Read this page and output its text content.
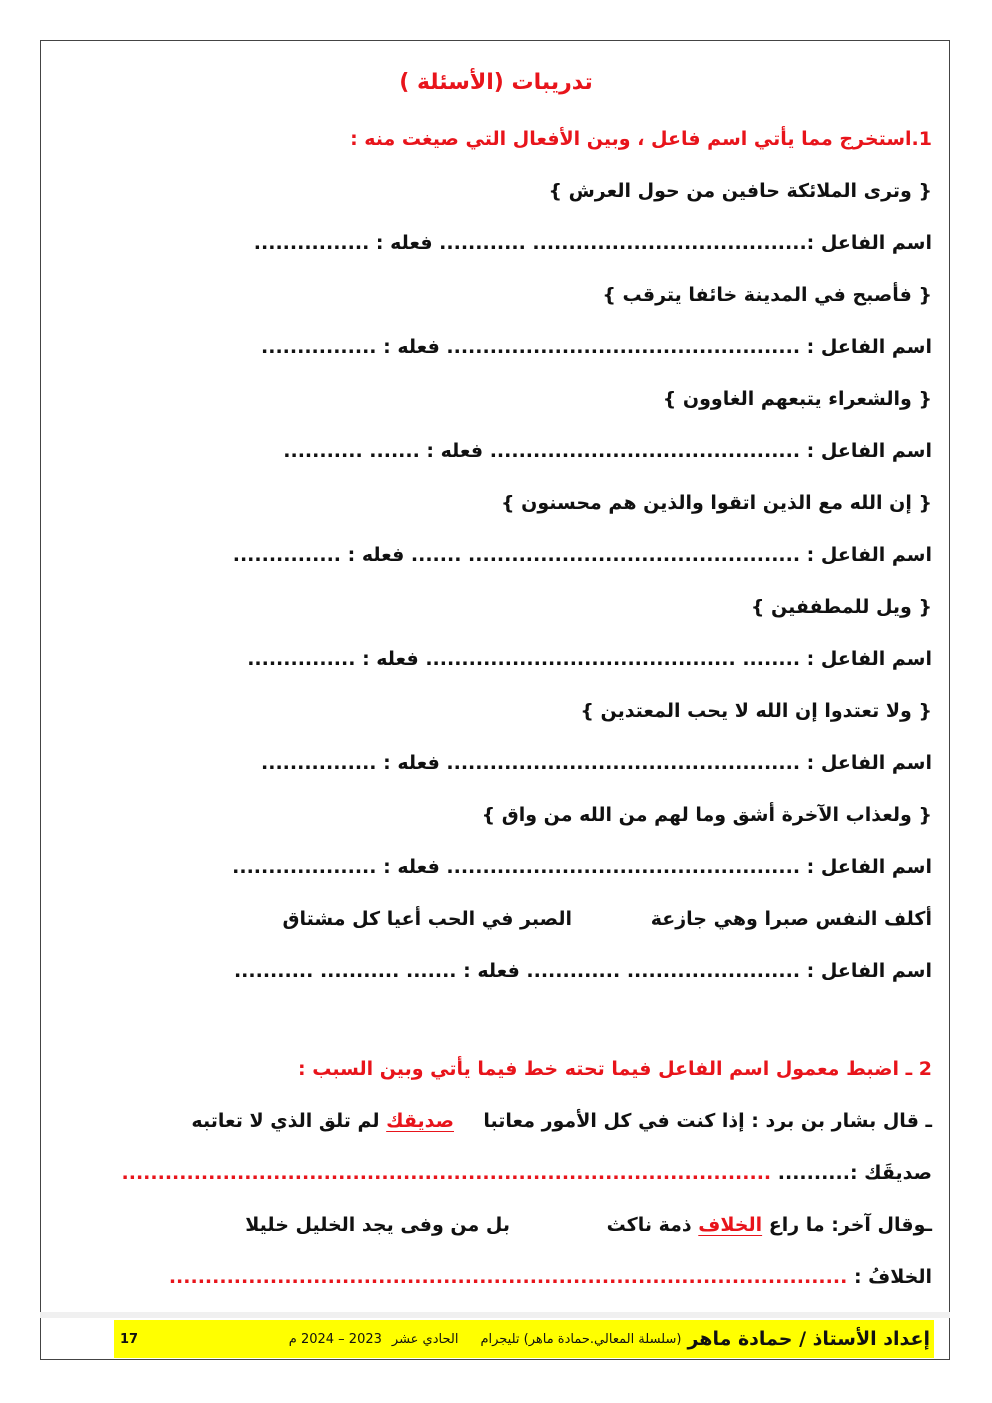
تدريبات (الأسئلة )
1.استخرج مما يأتي اسم فاعل ، وبين الأفعال التي صيغت منه :
{ وترى الملائكة حافين من حول العرش }
اسم الفاعل :...................................... ............ فعله : ................
{ فأصبح في المدينة خائفا يترقب }
اسم الفاعل : ................................................. فعله : ................
{ والشعراء يتبعهم الغاوون }
اسم الفاعل : ........................................... فعله : ....... ...........
{ إن الله مع الذين اتقوا والذين هم محسنون }
اسم الفاعل : .............................................. ....... فعله : ...............
{ ويل للمطففين }
اسم الفاعل : ........ ........................................... فعله : ...............
{ ولا تعتدوا إن الله لا يحب المعتدين }
اسم الفاعل : ................................................. فعله : ................
{ ولعذاب الآخرة أشق وما لهم من الله من واق }
اسم الفاعل : ................................................. فعله : ....................
أكلف النفس صبرا وهي جازعة
الصبر في الحب أعيا كل مشتاق
اسم الفاعل : ........................ ............. فعله : ....... ........... ...........
2 ـ اضبط معمول اسم الفاعل فيما تحته خط فيما يأتي وبين السبب :
ـ قال بشار بن برد : إذا كنت في كل الأمور معاتبا
صديقك لم تلق الذي لا تعاتبه
صديقَك :.......... ..........................................................................................
ـوقال آخر: ما راع الخلاف ذمة ناكث
بل من وفى يجد الخليل خليلا
الخلافُ : ..............................................................................................
إعداد الأستاذ / حمادة ماهر
(سلسلة المعالي.حمادة ماهر) تليجرام
الحادي عشر
2023 – 2024 م
17
